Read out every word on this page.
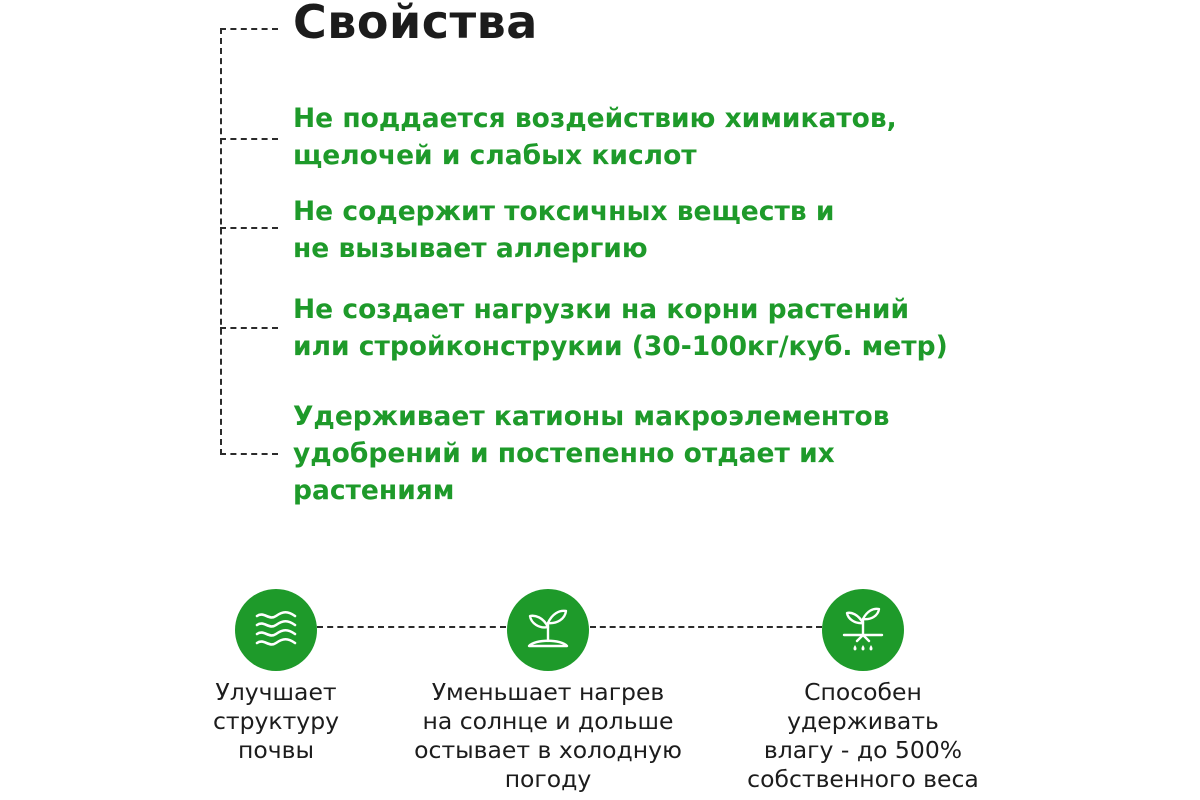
Свойства

Не поддается воздействию химикатов,
щелочей и слабых кислот

Не содержит токсичных веществ и
не вызывает аллергию

Не создает нагрузки на корни растений
или стройконструкии (30-100кг/куб. метр)

Удерживает катионы макроэлементов
удобрений и постепенно отдает их
растениям

Улучшает
структуру
почвы

Уменьшает нагрев
на солнце и дольше
остывает в холодную
погоду

Способен
удерживать
влагу - до 500%
собственного веса
